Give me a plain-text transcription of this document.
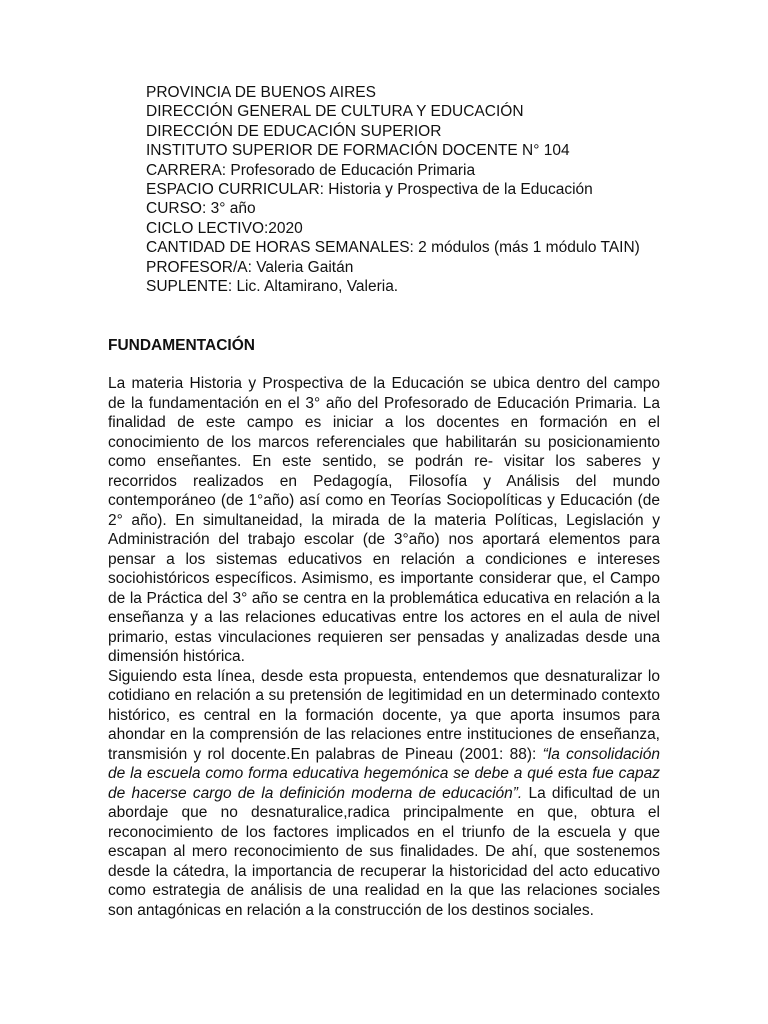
PROVINCIA DE BUENOS AIRES
DIRECCIÓN GENERAL DE CULTURA Y EDUCACIÓN
DIRECCIÓN DE EDUCACIÓN SUPERIOR
INSTITUTO SUPERIOR DE FORMACIÓN DOCENTE N° 104
CARRERA: Profesorado de Educación Primaria
ESPACIO CURRICULAR: Historia y Prospectiva de la Educación
CURSO: 3° año
CICLO LECTIVO:2020
CANTIDAD DE HORAS SEMANALES: 2 módulos (más 1 módulo TAIN)
PROFESOR/A: Valeria Gaitán
SUPLENTE: Lic. Altamirano, Valeria.
FUNDAMENTACIÓN
La materia Historia y Prospectiva de la Educación se ubica dentro del campo
de la fundamentación en el 3° año del Profesorado de Educación Primaria. La
finalidad de este campo es iniciar a los docentes en formación en el
conocimiento de los marcos referenciales que habilitarán su posicionamiento
como enseñantes. En este sentido, se podrán re- visitar los saberes y
recorridos realizados en Pedagogía, Filosofía y Análisis del mundo
contemporáneo (de 1°año) así como en Teorías Sociopolíticas y Educación (de
2° año). En simultaneidad, la mirada de la materia Políticas, Legislación y
Administración del trabajo escolar (de 3°año) nos aportará elementos para
pensar a los sistemas educativos en relación a condiciones e intereses
sociohistóricos específicos. Asimismo, es importante considerar que, el Campo
de la Práctica del 3° año se centra en la problemática educativa en relación a la
enseñanza y a las relaciones educativas entre los actores en el aula de nivel
primario, estas vinculaciones requieren ser pensadas y analizadas desde una
dimensión histórica.
Siguiendo esta línea, desde esta propuesta, entendemos que desnaturalizar lo
cotidiano en relación a su pretensión de legitimidad en un determinado contexto
histórico, es central en la formación docente, ya que aporta insumos para
ahondar en la comprensión de las relaciones entre instituciones de enseñanza,
transmisión y rol docente.En palabras de Pineau (2001: 88): “la consolidación
de la escuela como forma educativa hegemónica se debe a qué esta fue capaz
de hacerse cargo de la definición moderna de educación”. La dificultad de un
abordaje que no desnaturalice,radica principalmente en que, obtura el
reconocimiento de los factores implicados en el triunfo de la escuela y que
escapan al mero reconocimiento de sus finalidades. De ahí, que sostenemos
desde la cátedra, la importancia de recuperar la historicidad del acto educativo
como estrategia de análisis de una realidad en la que las relaciones sociales
son antagónicas en relación a la construcción de los destinos sociales.
